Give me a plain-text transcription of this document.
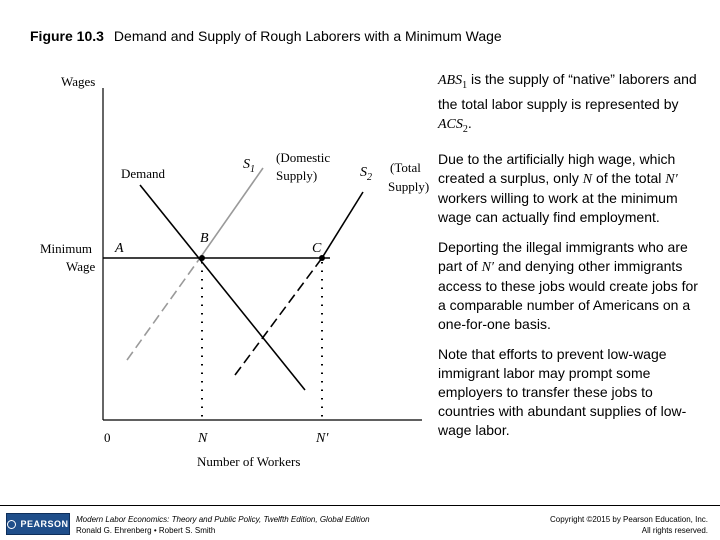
Figure 10.3 Demand and Supply of Rough Laborers with a Minimum Wage
Wages
Minimum
Wage
Demand
$S_1$
(Domestic
Supply)	$S_2$
(Total
Supply)
A
B
C
0	N	N′
Number of Workers

$ABS_1$ is the supply of “native” laborers and the total labor supply is represented by $ACS_2$.

Due to the artificially high wage, which created a surplus, only N of the total N′ workers willing to work at the minimum wage can actually find employment.

Deporting the illegal immigrants who are part of N′ and denying other immigrants access to these jobs would create jobs for a comparable number of Americans on a one-for-one basis.

Note that efforts to prevent low-wage immigrant labor may prompt some employers to transfer these jobs to countries with abundant supplies of low-wage labor.

PEARSON Modern Labor Economics: Theory and Public Policy, Twelfth Edition, Global Edition
Ronald G. Ehrenberg • Robert S. Smith
Copyright ©2015 by Pearson Education, Inc.
All rights reserved.
